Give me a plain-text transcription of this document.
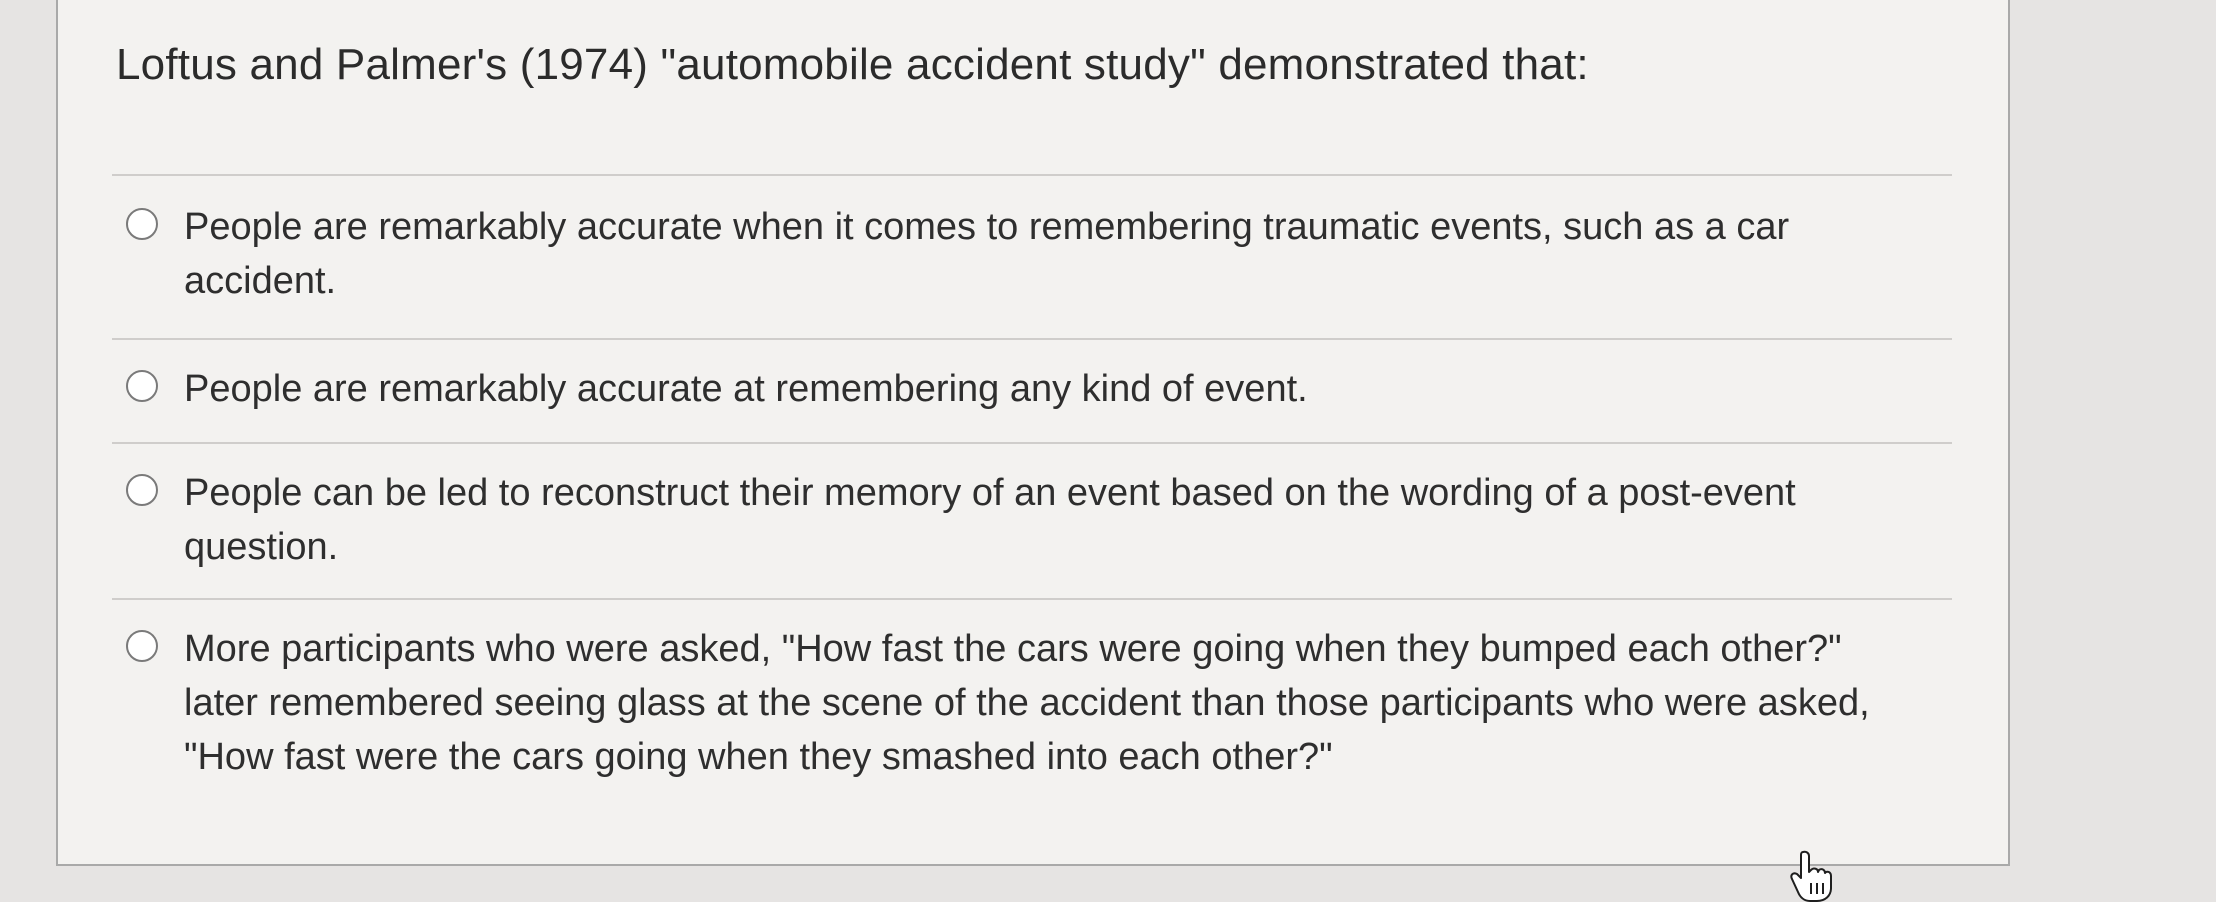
Loftus and Palmer's (1974) "automobile accident study" demonstrated that:
People are remarkably accurate when it comes to remembering traumatic events, such as a car accident.
People are remarkably accurate at remembering any kind of event.
People can be led to reconstruct their memory of an event based on the wording of a post-event question.
More participants who were asked, "How fast the cars were going when they bumped each other?" later remembered seeing glass at the scene of the accident than those participants who were asked, "How fast were the cars going when they smashed into each other?"
